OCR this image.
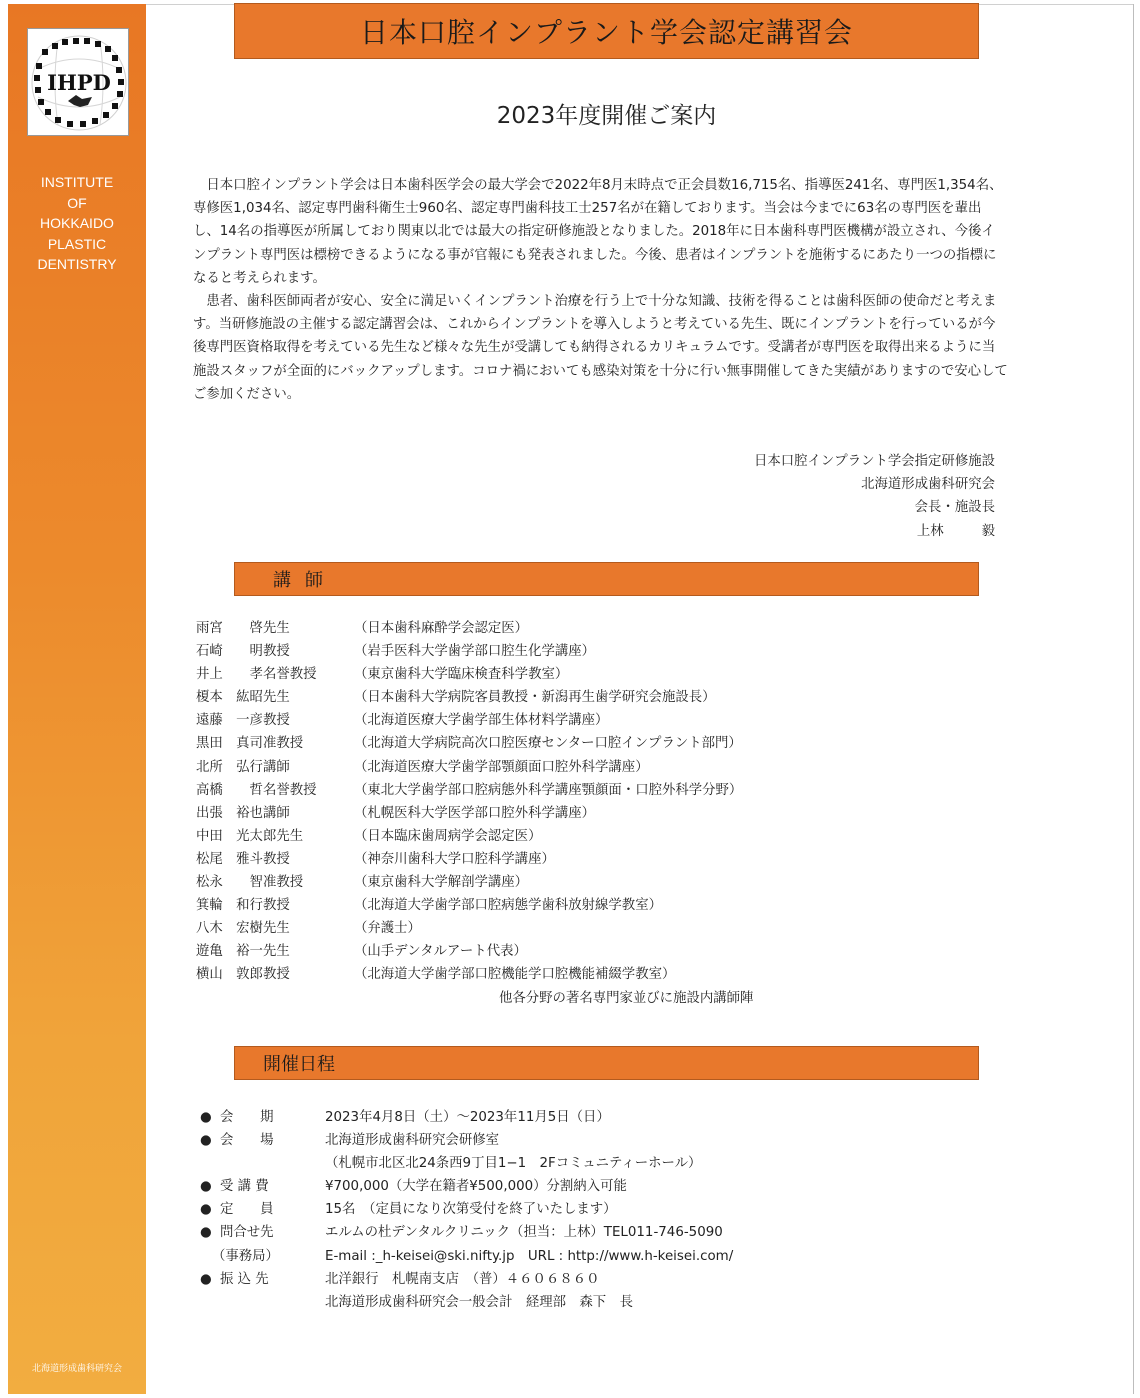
IHPD
INSTITUTE
OF
HOKKAIDO
PLASTIC
DENTISTRY
北海道形成歯科研究会
日本口腔インプラント学会認定講習会
2023年度開催ご案内

日本口腔インプラント学会は日本歯科医学会の最大学会で2022年8月末時点で正会員数16,715名、指導医241名、専門医1,354名、専修医1,034名、認定専門歯科衛生士960名、認定専門歯科技工士257名が在籍しております。当会は今までに63名の専門医を輩出し、14名の指導医が所属しており関東以北では最大の指定研修施設となりました。2018年に日本歯科専門医機構が設立され、今後インプラント専門医は標榜できるようになる事が官報にも発表されました。今後、患者はインプラントを施術するにあたり一つの指標になると考えられます。

患者、歯科医師両者が安心、安全に満足いくインプラント治療を行う上で十分な知識、技術を得ることは歯科医師の使命だと考えます。当研修施設の主催する認定講習会は、これからインプラントを導入しようと考えている先生、既にインプラントを行っているが今後専門医資格取得を考えている先生など様々な先生が受講しても納得されるカリキュラムです。受講者が専門医を取得出来るように当施設スタッフが全面的にバックアップします。コロナ禍においても感染対策を十分に行い無事開催してきた実績がありますので安心してご参加ください。

日本口腔インプラント学会指定研修施設
北海道形成歯科研究会
会長・施設長
上林	毅
講師
雨宮　　啓先生	（日本歯科麻酔学会認定医）
石崎　　明教授	（岩手医科大学歯学部口腔生化学講座）
井上　　孝名誉教授	（東京歯科大学臨床検査科学教室）
榎本　紘昭先生	（日本歯科大学病院客員教授・新潟再生歯学研究会施設長）
遠藤　一彦教授	（北海道医療大学歯学部生体材料学講座）
黒田　真司准教授	（北海道大学病院高次口腔医療センター口腔インプラント部門）
北所　弘行講師	（北海道医療大学歯学部顎顔面口腔外科学講座）
高橋　　哲名誉教授	（東北大学歯学部口腔病態外科学講座顎顔面・口腔外科学分野）
出張　裕也講師	（札幌医科大学医学部口腔外科学講座）
中田　光太郎先生	（日本臨床歯周病学会認定医）
松尾　雅斗教授	（神奈川歯科大学口腔科学講座）
松永　　智准教授	（東京歯科大学解剖学講座）
箕輪　和行教授	（北海道大学歯学部口腔病態学歯科放射線学教室）
八木　宏樹先生	（弁護士）
遊亀　裕一先生	（山手デンタルアート代表）
横山　敦郎教授	（北海道大学歯学部口腔機能学口腔機能補綴学教室）
他各分野の著名専門家並びに施設内講師陣
開催日程
● 会　　期	2023年4月8日（土）～2023年11月5日（日）
● 会　　場	北海道形成歯科研究会研修室
（札幌市北区北24条西9丁目1−1　2Fコミュニティーホール）
● 受 講 費	¥700,000（大学在籍者¥500,000）分割納入可能
● 定　　員	15名　（定員になり次第受付を終了いたします）
● 問合せ先	エルムの杜デンタルクリニック（担当：上林）TEL011-746-5090
（事務局）	E-mail :_h-keisei@ski.nifty.jp　URL : http://www.h-keisei.com/
● 振 込 先	北洋銀行　札幌南支店　（普）４６０６８６０
北海道形成歯科研究会一般会計　経理部　森下　長
